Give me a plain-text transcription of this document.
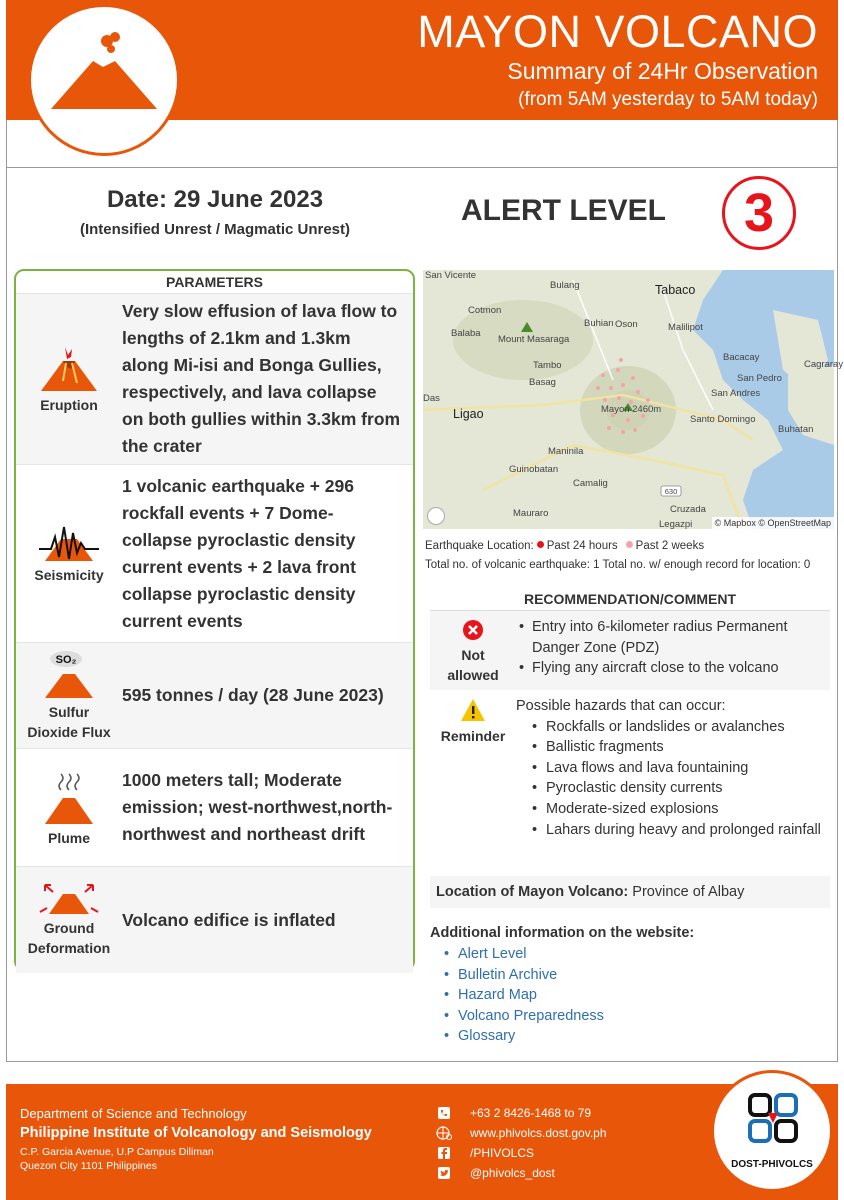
MAYON VOLCANO
Summary of 24Hr Observation
(from 5AM yesterday to 5AM today)
Date: 29 June 2023
(Intensified Unrest / Magmatic Unrest)
ALERT LEVEL	3
PARAMETERS
Eruption
Very slow effusion of lava flow to lengths of 2.1km and 1.3km along Mi-isi and Bonga Gullies, respectively, and lava collapse on both gullies within 3.3km from the crater
Seismicity
1 volcanic earthquake + 296 rockfall events + 7 Dome-collapse pyroclastic density current events + 2 lava front collapse pyroclastic density current events
SO₂
Sulfur
Dioxide Flux
595 tonnes / day (28 June 2023)
Plume
1000 meters tall; Moderate emission; west-northwest,north-northwest and northeast drift
Ground
Deformation
Volcano edifice is inflated
630
San Vicente
Bulang	Tabaco
Cotmon
Mount Masaraga
Buhian Oson	Malilipot
Balaba
Tambo
Bacacay
Basag	San Pedro
Cagraray
Das	San Andres
Ligao	Mayon 2460m
Santo Domingo
Maninila
Buhatan
Guinobatan
Camalig
Cruzada
Mauraro
Legazpi	© Mapbox © OpenStreetMap
Earthquake Location: Past 24 hours Past 2 weeks
Total no. of volcanic earthquake: 1 Total no. w/ enough record for location: 0
RECOMMENDATION/COMMENT
Not
allowed
• Entry into 6-kilometer radius Permanent Danger Zone (PDZ)
• Flying any aircraft close to the volcano
Reminder
Possible hazards that can occur:
• Rockfalls or landslides or avalanches
• Ballistic fragments
• Lava flows and lava fountaining
• Pyroclastic density currents
• Moderate-sized explosions
• Lahars during heavy and prolonged rainfall
Location of Mayon Volcano: Province of Albay
Additional information on the website:
• Alert Level
• Bulletin Archive
• Hazard Map
• Volcano Preparedness
• Glossary
Department of Science and Technology
Philippine Institute of Volcanology and Seismology
C.P. Garcia Avenue, U.P Campus Diliman
Quezon City 1101 Philippines
+63 2 8426-1468 to 79
www.phivolcs.dost.gov.ph
/PHIVOLCS
@phivolcs_dost
DOST-PHIVOLCS
